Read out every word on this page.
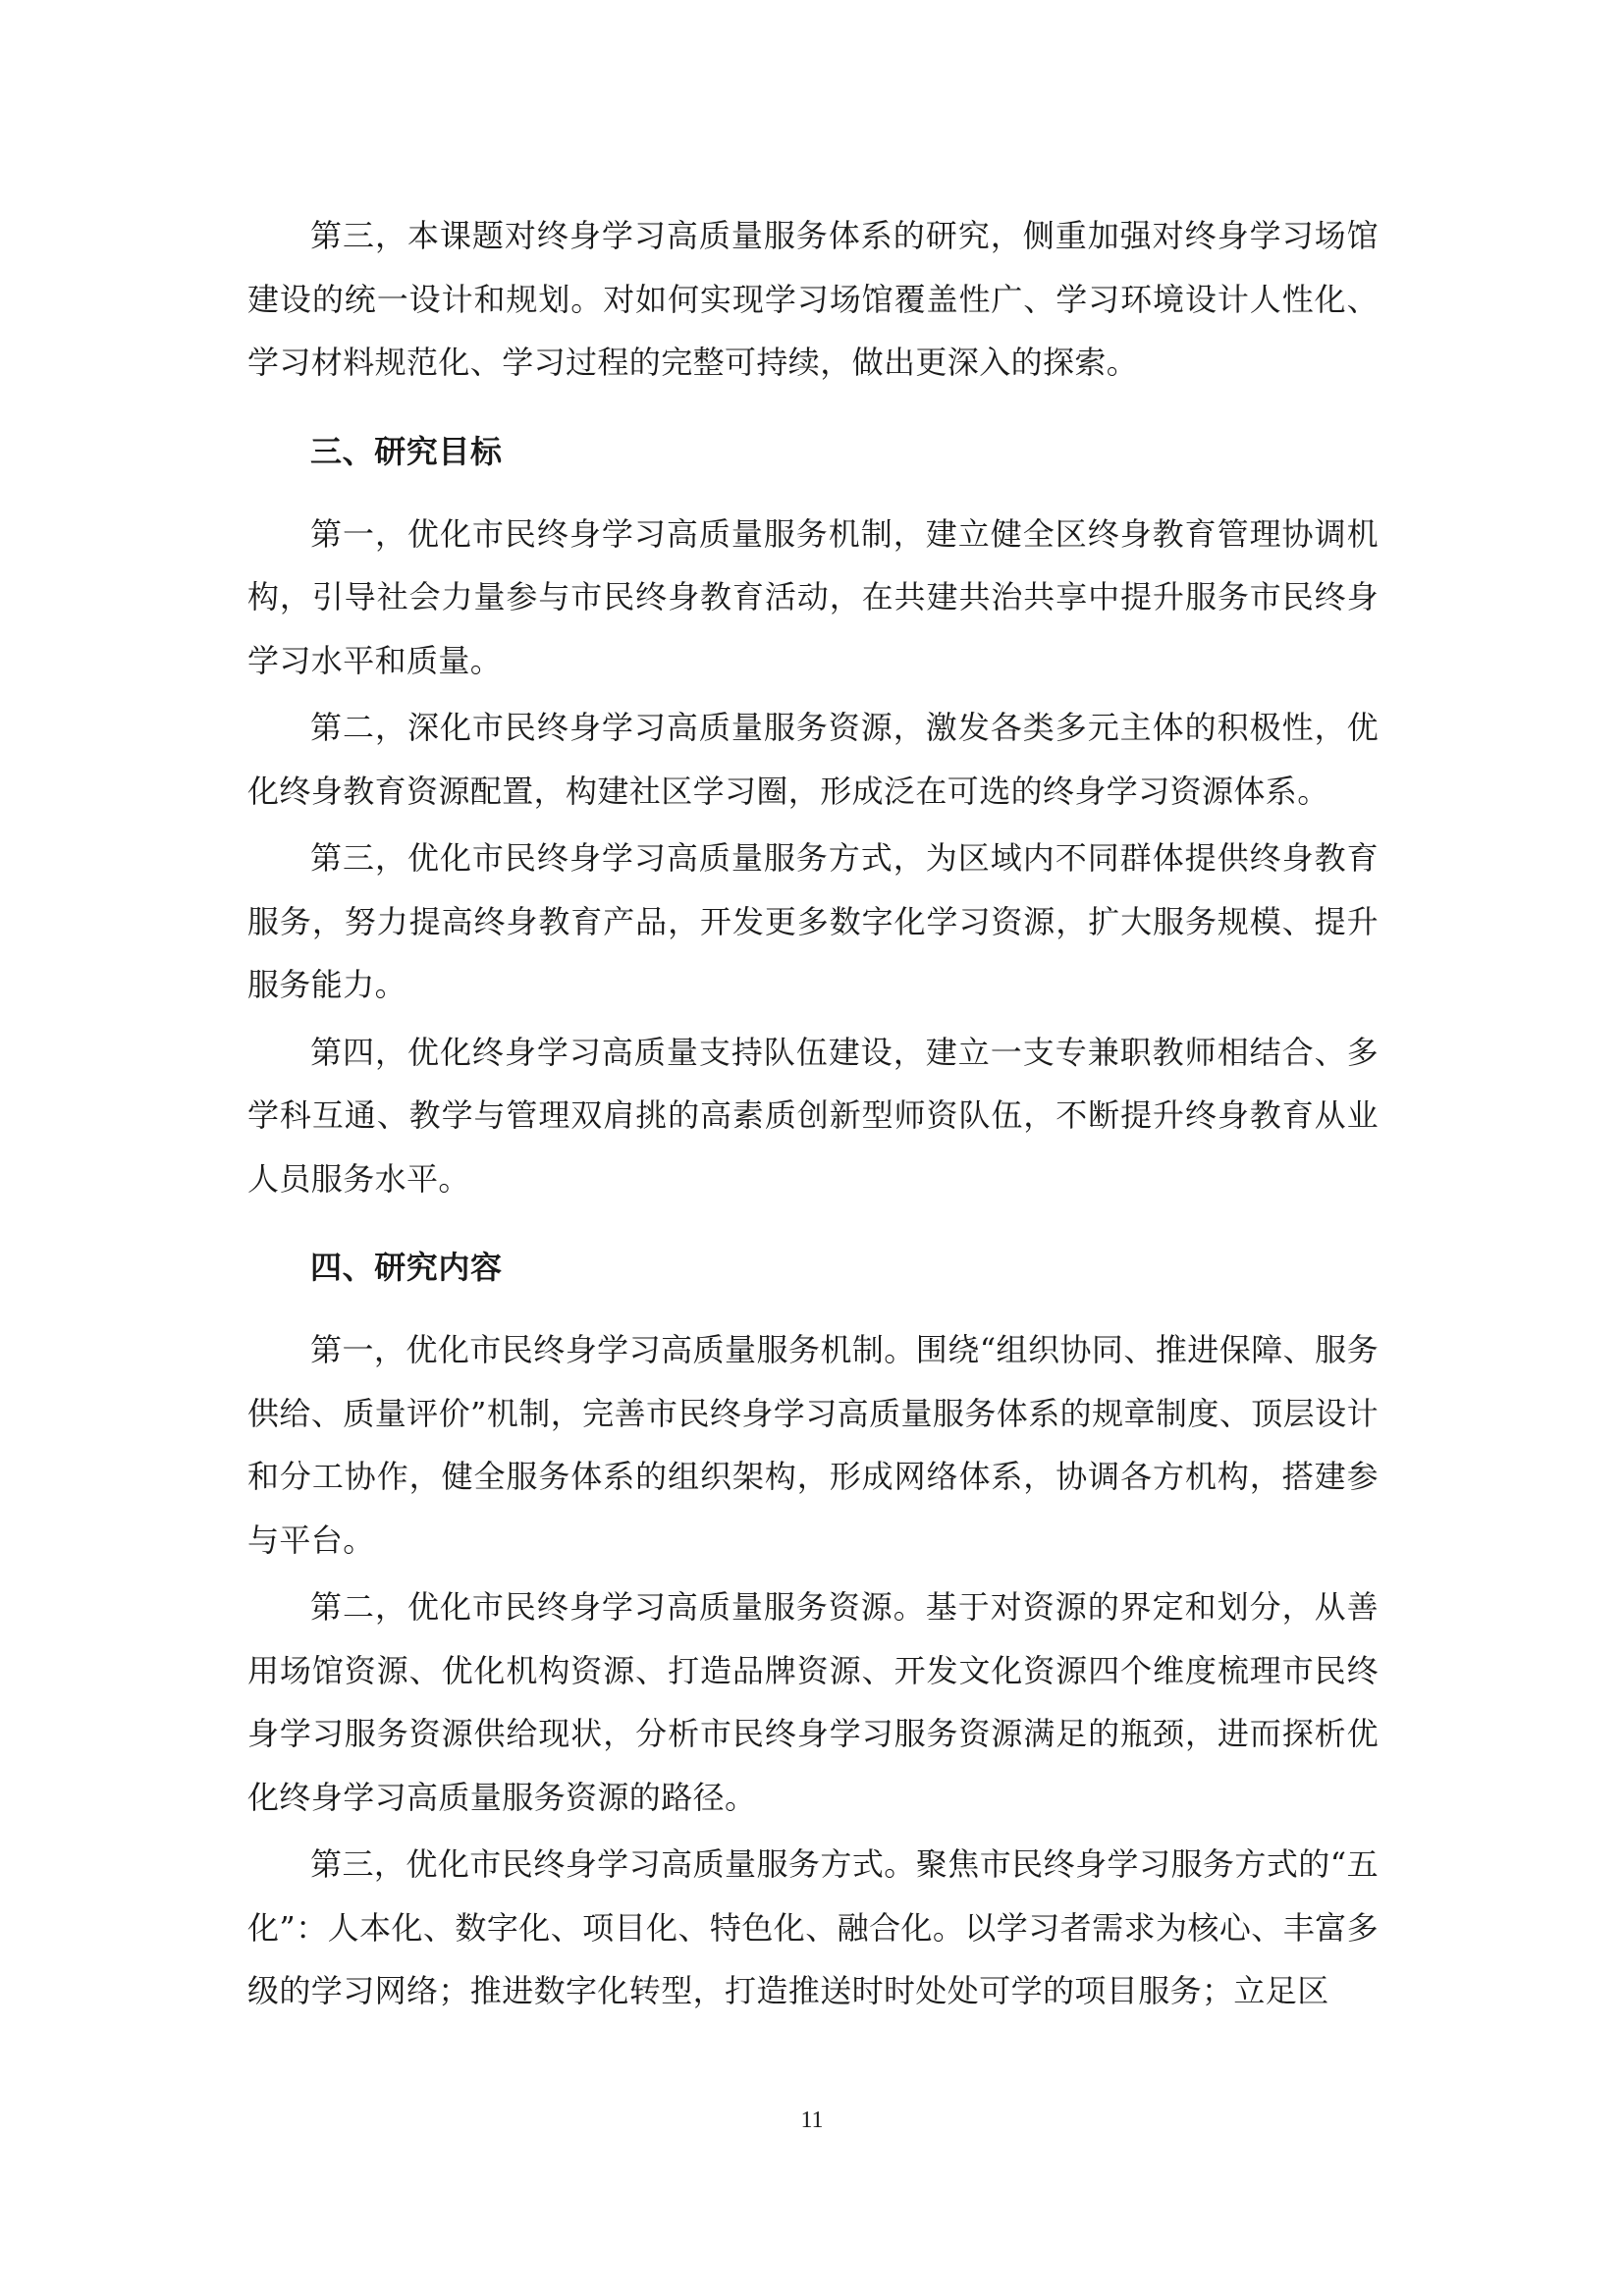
第三，本课题对终身学习高质量服务体系的研究，侧重加强对终身学习场馆建设的统一设计和规划。对如何实现学习场馆覆盖性广、学习环境设计人性化、学习材料规范化、学习过程的完整可持续，做出更深入的探索。

三、研究目标

第一，优化市民终身学习高质量服务机制，建立健全区终身教育管理协调机构，引导社会力量参与市民终身教育活动，在共建共治共享中提升服务市民终身学习水平和质量。

第二，深化市民终身学习高质量服务资源，激发各类多元主体的积极性，优化终身教育资源配置，构建社区学习圈，形成泛在可选的终身学习资源体系。

第三，优化市民终身学习高质量服务方式，为区域内不同群体提供终身教育服务，努力提高终身教育产品，开发更多数字化学习资源，扩大服务规模、提升服务能力。

第四，优化终身学习高质量支持队伍建设，建立一支专兼职教师相结合、多学科互通、教学与管理双肩挑的高素质创新型师资队伍，不断提升终身教育从业人员服务水平。

四、研究内容

第一，优化市民终身学习高质量服务机制。围绕“组织协同、推进保障、服务供给、质量评价”机制，完善市民终身学习高质量服务体系的规章制度、顶层设计和分工协作，健全服务体系的组织架构，形成网络体系，协调各方机构，搭建参与平台。

第二，优化市民终身学习高质量服务资源。基于对资源的界定和划分，从善用场馆资源、优化机构资源、打造品牌资源、开发文化资源四个维度梳理市民终身学习服务资源供给现状，分析市民终身学习服务资源满足的瓶颈，进而探析优化终身学习高质量服务资源的路径。

第三，优化市民终身学习高质量服务方式。聚焦市民终身学习服务方式的“五化”：人本化、数字化、项目化、特色化、融合化。以学习者需求为核心、丰富多级的学习网络；推进数字化转型，打造推送时时处处可学的项目服务；立足区

11
